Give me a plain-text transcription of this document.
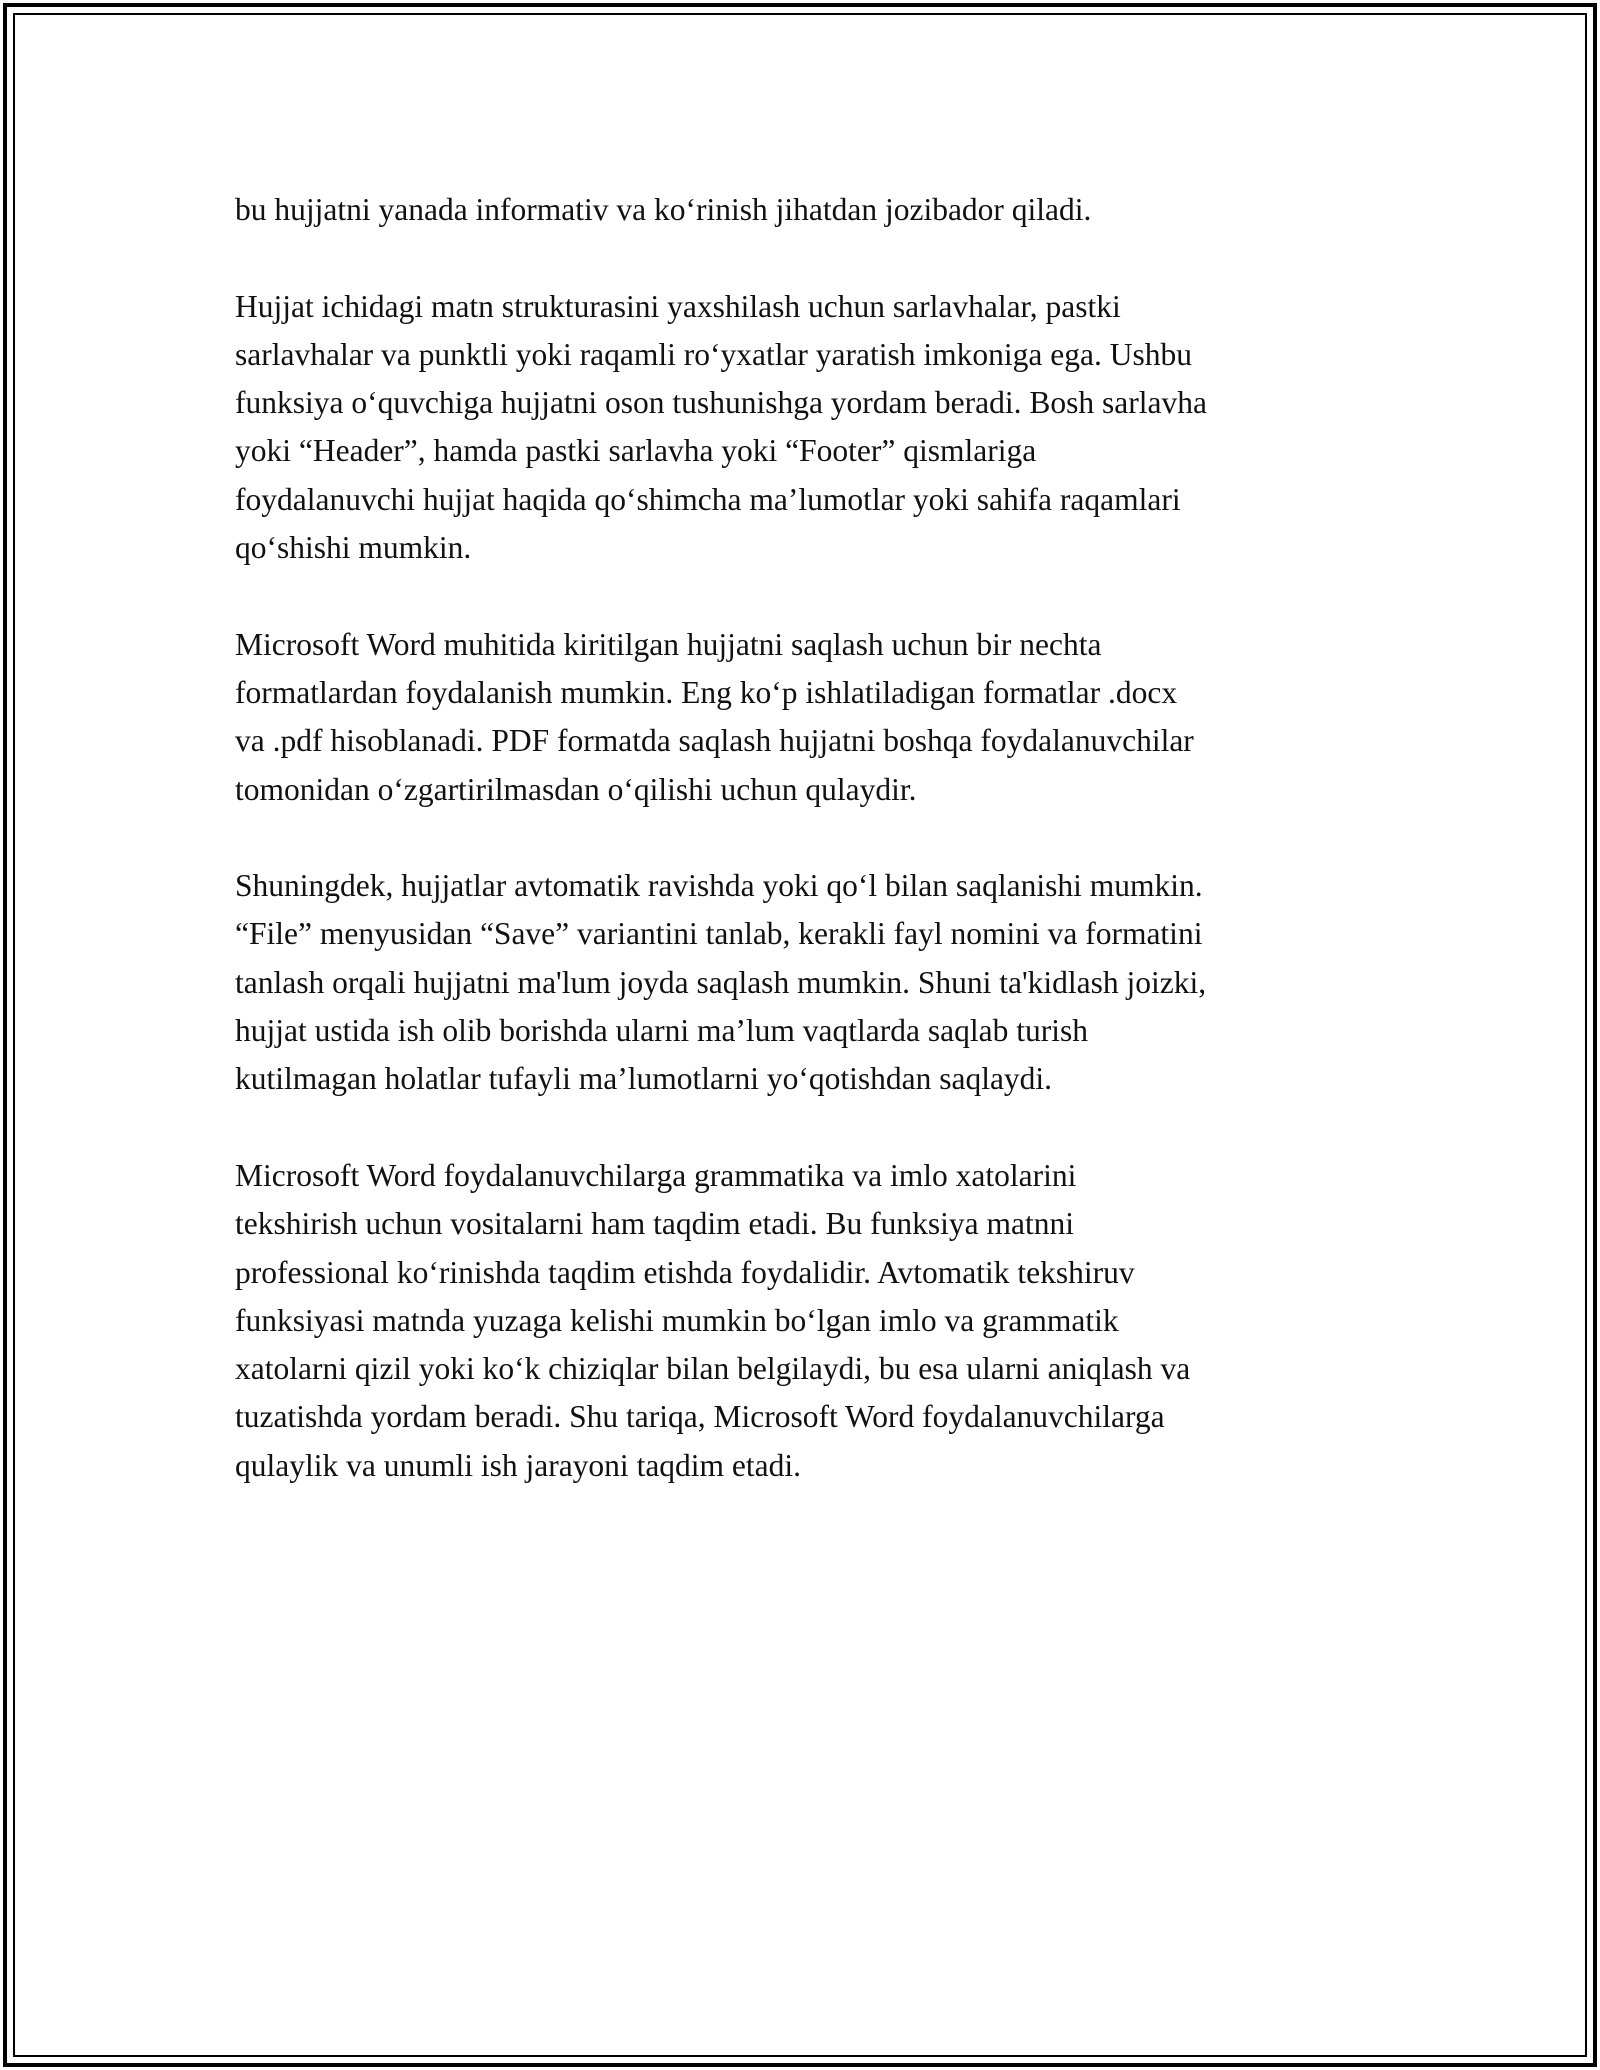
bu hujjatni yanada informativ va koʻrinish jihatdan jozibador qiladi.

Hujjat ichidagi matn strukturasini yaxshilash uchun sarlavhalar, pastki
sarlavhalar va punktli yoki raqamli roʻyxatlar yaratish imkoniga ega. Ushbu
funksiya oʻquvchiga hujjatni oson tushunishga yordam beradi. Bosh sarlavha
yoki “Header”, hamda pastki sarlavha yoki “Footer” qismlariga
foydalanuvchi hujjat haqida qoʻshimcha maʼlumotlar yoki sahifa raqamlari
qoʻshishi mumkin.

Microsoft Word muhitida kiritilgan hujjatni saqlash uchun bir nechta
formatlardan foydalanish mumkin. Eng koʻp ishlatiladigan formatlar .docx
va .pdf hisoblanadi. PDF formatda saqlash hujjatni boshqa foydalanuvchilar
tomonidan oʻzgartirilmasdan oʻqilishi uchun qulaydir.

Shuningdek, hujjatlar avtomatik ravishda yoki qoʻl bilan saqlanishi mumkin.
“File” menyusidan “Save” variantini tanlab, kerakli fayl nomini va formatini
tanlash orqali hujjatni ma'lum joyda saqlash mumkin. Shuni ta'kidlash joizki,
hujjat ustida ish olib borishda ularni maʼlum vaqtlarda saqlab turish
kutilmagan holatlar tufayli maʼlumotlarni yoʻqotishdan saqlaydi.

Microsoft Word foydalanuvchilarga grammatika va imlo xatolarini
tekshirish uchun vositalarni ham taqdim etadi. Bu funksiya matnni
professional koʻrinishda taqdim etishda foydalidir. Avtomatik tekshiruv
funksiyasi matnda yuzaga kelishi mumkin boʻlgan imlo va grammatik
xatolarni qizil yoki koʻk chiziqlar bilan belgilaydi, bu esa ularni aniqlash va
tuzatishda yordam beradi. Shu tariqa, Microsoft Word foydalanuvchilarga
qulaylik va unumli ish jarayoni taqdim etadi.
